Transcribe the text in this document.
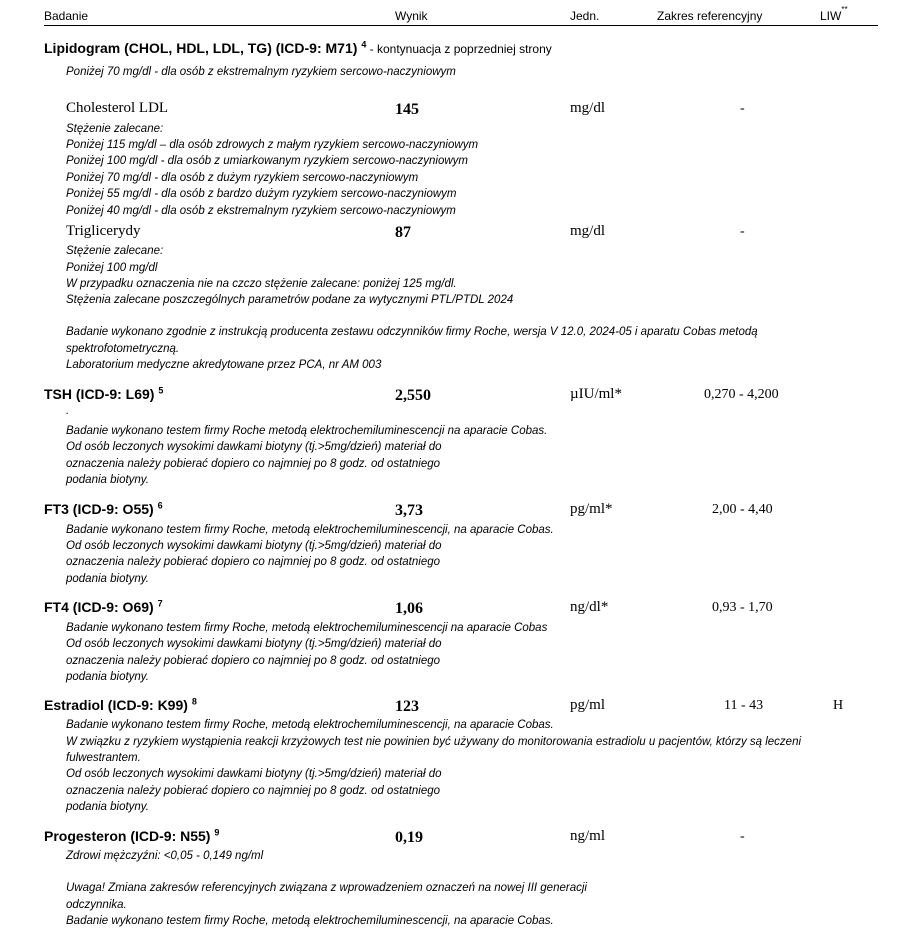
Badanie	Wynik	Jedn.	Zakres referencyjny	LIW**
Lipidogram (CHOL, HDL, LDL, TG) (ICD-9: M71) $^4$ - kontynuacja z poprzedniej strony
Poniżej 70 mg/dl - dla osób z ekstremalnym ryzykiem sercowo-naczyniowym
Cholesterol LDL	145	mg/dl	-
Stężenie zalecane:
Poniżej 115 mg/dl – dla osób zdrowych z małym ryzykiem sercowo-naczyniowym
Poniżej 100 mg/dl - dla osób z umiarkowanym ryzykiem sercowo-naczyniowym
Poniżej 70 mg/dl - dla osób z dużym ryzykiem sercowo-naczyniowym
Poniżej 55 mg/dl - dla osób z bardzo dużym ryzykiem sercowo-naczyniowym
Poniżej 40 mg/dl - dla osób z ekstremalnym ryzykiem sercowo-naczyniowym
Triglicerydy	87	mg/dl	-
Stężenie zalecane:
Poniżej 100 mg/dl
W przypadku oznaczenia nie na czczo stężenie zalecane: poniżej 125 mg/dl.
Stężenia zalecane poszczególnych parametrów podane za wytycznymi PTL/PTDL 2024
Badanie wykonano zgodnie z instrukcją producenta zestawu odczynników firmy Roche, wersja V 12.0, 2024-05 i aparatu Cobas metodą
spektrofotometryczną.
Laboratorium medyczne akredytowane przez PCA, nr AM 003
TSH (ICD-9: L69) $^5$	2,550	µIU/ml*	0,270 - 4,200
.
Badanie wykonano testem firmy Roche metodą elektrochemiluminescencji na aparacie Cobas.
Od osób leczonych wysokimi dawkami biotyny (tj.>5mg/dzień) materiał do
oznaczenia należy pobierać dopiero co najmniej po 8 godz. od ostatniego
podania biotyny.
FT3 (ICD-9: O55) $^6$	3,73	pg/ml*	2,00 - 4,40
Badanie wykonano testem firmy Roche, metodą elektrochemiluminescencji, na aparacie Cobas.
Od osób leczonych wysokimi dawkami biotyny (tj.>5mg/dzień) materiał do
oznaczenia należy pobierać dopiero co najmniej po 8 godz. od ostatniego
podania biotyny.
FT4 (ICD-9: O69) $^7$	1,06	ng/dl*	0,93 - 1,70
Badanie wykonano testem firmy Roche, metodą elektrochemiluminescencji na aparacie Cobas
Od osób leczonych wysokimi dawkami biotyny (tj.>5mg/dzień) materiał do
oznaczenia należy pobierać dopiero co najmniej po 8 godz. od ostatniego
podania biotyny.
Estradiol (ICD-9: K99) $^8$	123	pg/ml	11 - 43	H
Badanie wykonano testem firmy Roche, metodą elektrochemiluminescencji, na aparacie Cobas.
W związku z ryzykiem wystąpienia reakcji krzyżowych test nie powinien być używany do monitorowania estradiolu u pacjentów, którzy są leczeni
fulwestrantem.
Od osób leczonych wysokimi dawkami biotyny (tj.>5mg/dzień) materiał do
oznaczenia należy pobierać dopiero co najmniej po 8 godz. od ostatniego
podania biotyny.
Progesteron (ICD-9: N55) $^9$	0,19	ng/ml	-
Zdrowi mężczyźni: <0,05 - 0,149 ng/ml
Uwaga! Zmiana zakresów referencyjnych związana z wprowadzeniem oznaczeń na nowej III generacji
odczynnika.
Badanie wykonano testem firmy Roche, metodą elektrochemiluminescencji, na aparacie Cobas.
